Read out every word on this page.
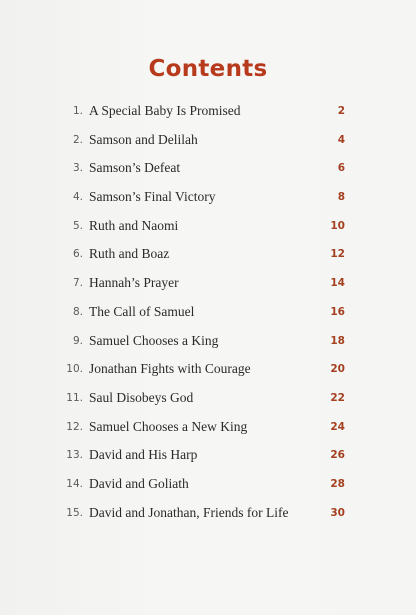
Contents
1. A Special Baby Is Promised	2
2. Samson and Delilah	4
3. Samson’s Defeat	6
4. Samson’s Final Victory	8
5. Ruth and Naomi	10
6. Ruth and Boaz	12
7. Hannah’s Prayer	14
8. The Call of Samuel	16
9. Samuel Chooses a King	18
10. Jonathan Fights with Courage	20
11. Saul Disobeys God	22
12. Samuel Chooses a New King	24
13. David and His Harp	26
14. David and Goliath	28
15. David and Jonathan, Friends for Life	30
